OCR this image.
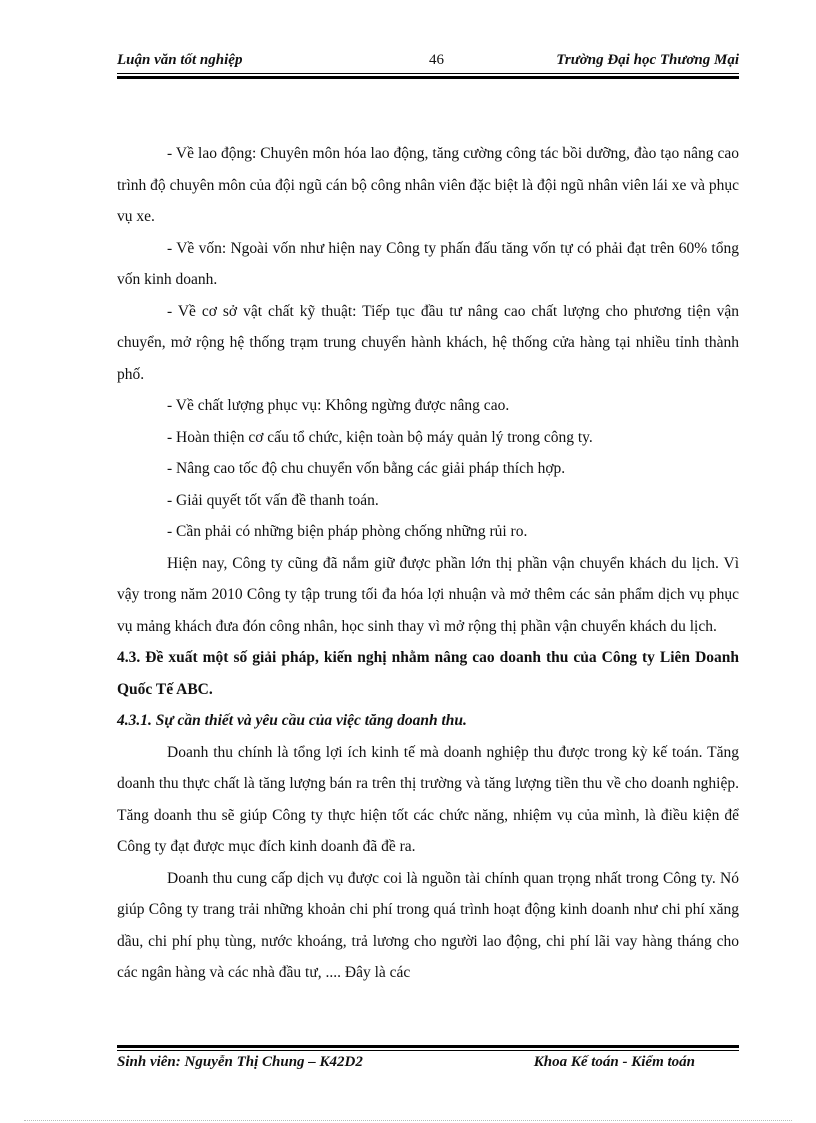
Luận văn tốt nghiệp	46	Trường Đại học Thương Mại

- Về lao động: Chuyên môn hóa lao động, tăng cường công tác bồi dưỡng, đào tạo nâng cao trình độ chuyên môn của đội ngũ cán bộ công nhân viên đặc biệt là đội ngũ nhân viên lái xe và phục vụ xe.

- Về vốn: Ngoài vốn như hiện nay Công ty phấn đấu tăng vốn tự có phải đạt trên 60% tổng vốn kinh doanh.

- Về cơ sở vật chất kỹ thuật: Tiếp tục đầu tư nâng cao chất lượng cho phương tiện vận chuyển, mở rộng hệ thống trạm trung chuyển hành khách, hệ thống cửa hàng tại nhiều tỉnh thành phố.

- Về chất lượng phục vụ: Không ngừng được nâng cao.

- Hoàn thiện cơ cấu tổ chức, kiện toàn bộ máy quản lý trong công ty.

- Nâng cao tốc độ chu chuyển vốn bằng các giải pháp thích hợp.

- Giải quyết tốt vấn đề thanh toán.

- Cần phải có những biện pháp phòng chống những rủi ro.

Hiện nay, Công ty cũng đã nắm giữ được phần lớn thị phần vận chuyển khách du lịch. Vì vậy trong năm 2010 Công ty tập trung tối đa hóa lợi nhuận và mở thêm các sản phẩm dịch vụ phục vụ mảng khách đưa đón công nhân, học sinh thay vì mở rộng thị phần vận chuyển khách du lịch.

4.3. Đề xuất một số giải pháp, kiến nghị nhằm nâng cao doanh thu của Công ty Liên Doanh Quốc Tế ABC.

4.3.1. Sự cần thiết và yêu cầu của việc tăng doanh thu.

Doanh thu chính là tổng lợi ích kinh tế mà doanh nghiệp thu được trong kỳ kế toán. Tăng doanh thu thực chất là tăng lượng bán ra trên thị trường và tăng lượng tiền thu về cho doanh nghiệp. Tăng doanh thu sẽ giúp Công ty thực hiện tốt các chức năng, nhiệm vụ của mình, là điều kiện để Công ty đạt được mục đích kinh doanh đã đề ra.

Doanh thu cung cấp dịch vụ được coi là nguồn tài chính quan trọng nhất trong Công ty. Nó giúp Công ty trang trải những khoản chi phí trong quá trình hoạt động kinh doanh như chi phí xăng dầu, chi phí phụ tùng, nước khoáng, trả lương cho người lao động, chi phí lãi vay hàng tháng cho các ngân hàng và các nhà đầu tư, .... Đây là các

Sinh viên: Nguyễn Thị Chung – K42D2	Khoa Kế toán - Kiểm toán
